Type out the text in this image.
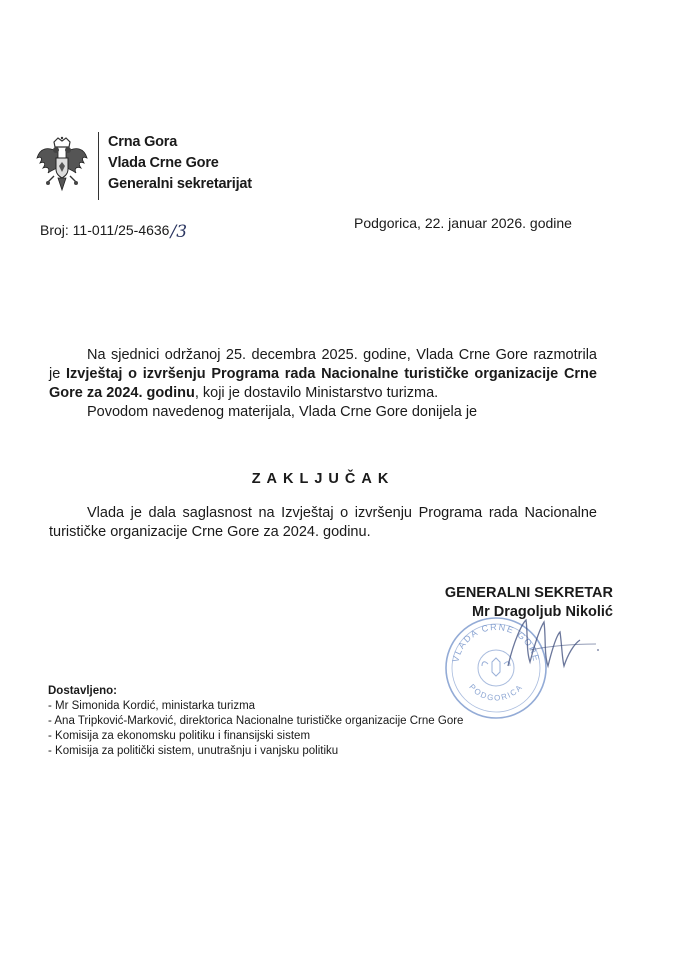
Crna Gora
Vlada Crne Gore
Generalni sekretarijat
Broj: 11-011/25-4636/3	Podgorica, 22. januar 2026. godine

Na sjednici održanoj 25. decembra 2025. godine, Vlada Crne Gore razmotrila je Izvještaj o izvršenju Programa rada Nacionalne turističke organizacije Crne Gore za 2024. godinu, koji je dostavilo Ministarstvo turizma.

Povodom navedenog materijala, Vlada Crne Gore donijela je

ZAKLJUČAK

Vlada je dala saglasnost na Izvještaj o izvršenju Programa rada Nacionalne turističke organizacije Crne Gore za 2024. godinu.

GENERALNI SEKRETAR
Mr Dragoljub Nikolić
VLADA CRNE GORE
PODGORICA
Dostavljeno:
- Mr Simonida Kordić, ministarka turizma
- Ana Tripković-Marković, direktorica Nacionalne turističke organizacije Crne Gore
- Komisija za ekonomsku politiku i finansijski sistem
- Komisija za politički sistem, unutrašnju i vanjsku politiku
